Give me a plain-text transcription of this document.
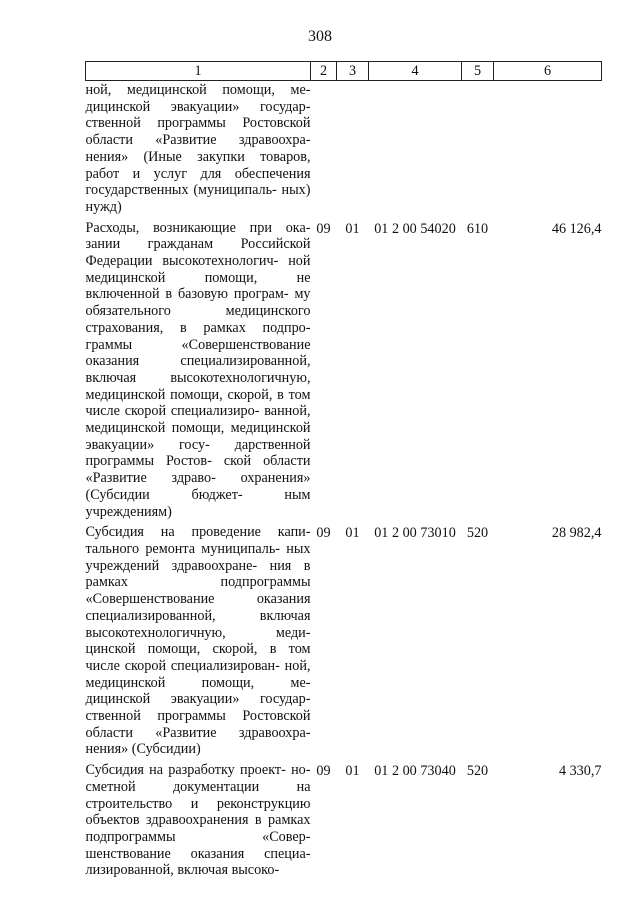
308
1	2	3	4	5	6
ной, медицинской помощи, ме- дицинской эвакуации» государ- ственной программы Ростовской области «Развитие здравоохра- нения» (Иные закупки товаров, работ и услуг для обеспечения государственных (муниципаль- ных) нужд)					
Расходы, возникающие при ока- зании гражданам Российской Федерации высокотехнологич- ной медицинской помощи, не включенной в базовую програм- му обязательного медицинского страхования, в рамках подпро- граммы «Совершенствование оказания специализированной, включая высокотехнологичную, медицинской помощи, скорой, в том числе скорой специализиро- ванной, медицинской помощи, медицинской эвакуации» госу- дарственной программы Ростов- ской области «Развитие здраво- охранения» (Субсидии бюджет- ным учреждениям)	09	01	01 2 00 54020	610	46 126,4
Субсидия на проведение капи- тального ремонта муниципаль- ных учреждений здравоохране- ния в рамках подпрограммы «Совершенствование оказания специализированной, включая высокотехнологичную, меди- цинской помощи, скорой, в том числе скорой специализирован- ной, медицинской помощи, ме- дицинской эвакуации» государ- ственной программы Ростовской области «Развитие здравоохра- нения» (Субсидии)	09	01	01 2 00 73010	520	28 982,4
Субсидия на разработку проект- но-сметной документации на строительство и реконструкцию объектов здравоохранения в рамках подпрограммы «Совер- шенствование оказания специа- лизированной, включая высоко-	09	01	01 2 00 73040	520	4 330,7
